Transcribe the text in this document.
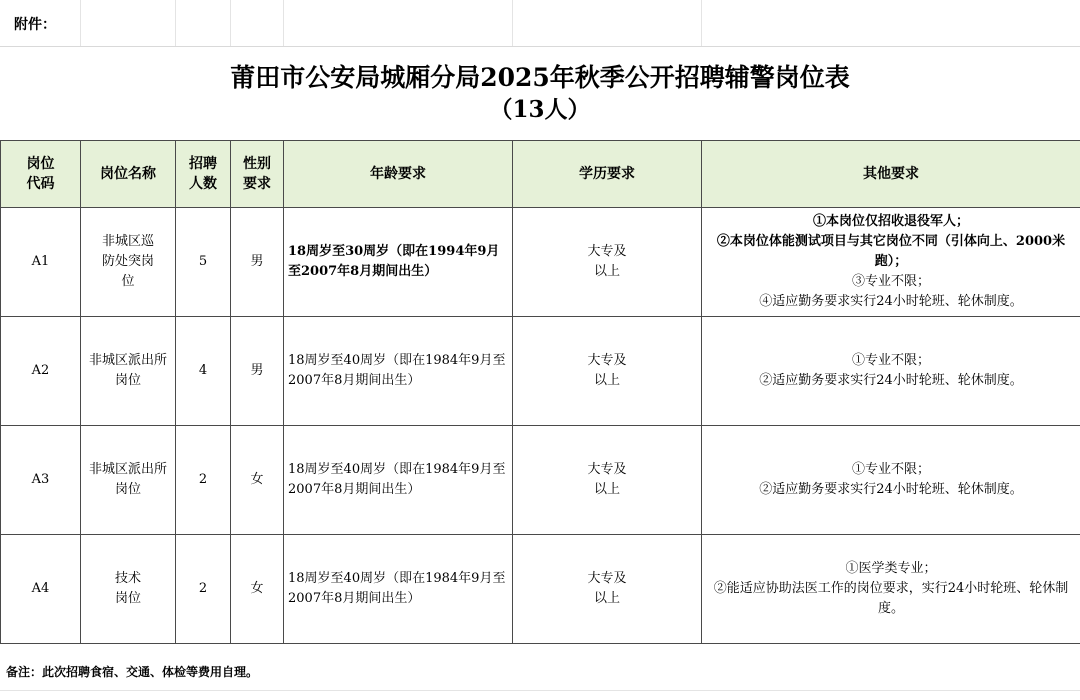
附件：
莆田市公安局城厢分局2025年秋季公开招聘辅警岗位表
（13人）
岗位代码	岗位名称	招聘人数	性别要求	年龄要求	学历要求	其他要求
A1	非城区巡防处突岗位	5	男	18周岁至30周岁（即在1994年9月至2007年8月期间出生）	大专及以上	①本岗位仅招收退役军人；
②本岗位体能测试项目与其它岗位不同（引体向上、2000米跑）；
③专业不限；
④适应勤务要求实行24小时轮班、轮休制度。

A2	非城区派出所岗位	4	男	18周岁至40周岁（即在1984年9月至2007年8月期间出生）	大专及以上	①专业不限；
②适应勤务要求实行24小时轮班、轮休制度。

A3	非城区派出所岗位	2	女	18周岁至40周岁（即在1984年9月至2007年8月期间出生）	大专及以上	①专业不限；
②适应勤务要求实行24小时轮班、轮休制度。

A4	技术岗位	2	女	18周岁至40周岁（即在1984年9月至2007年8月期间出生）	大专及以上	①医学类专业；
②能适应协助法医工作的岗位要求，实行24小时轮班、轮休制度。
备注：此次招聘食宿、交通、体检等费用自理。
